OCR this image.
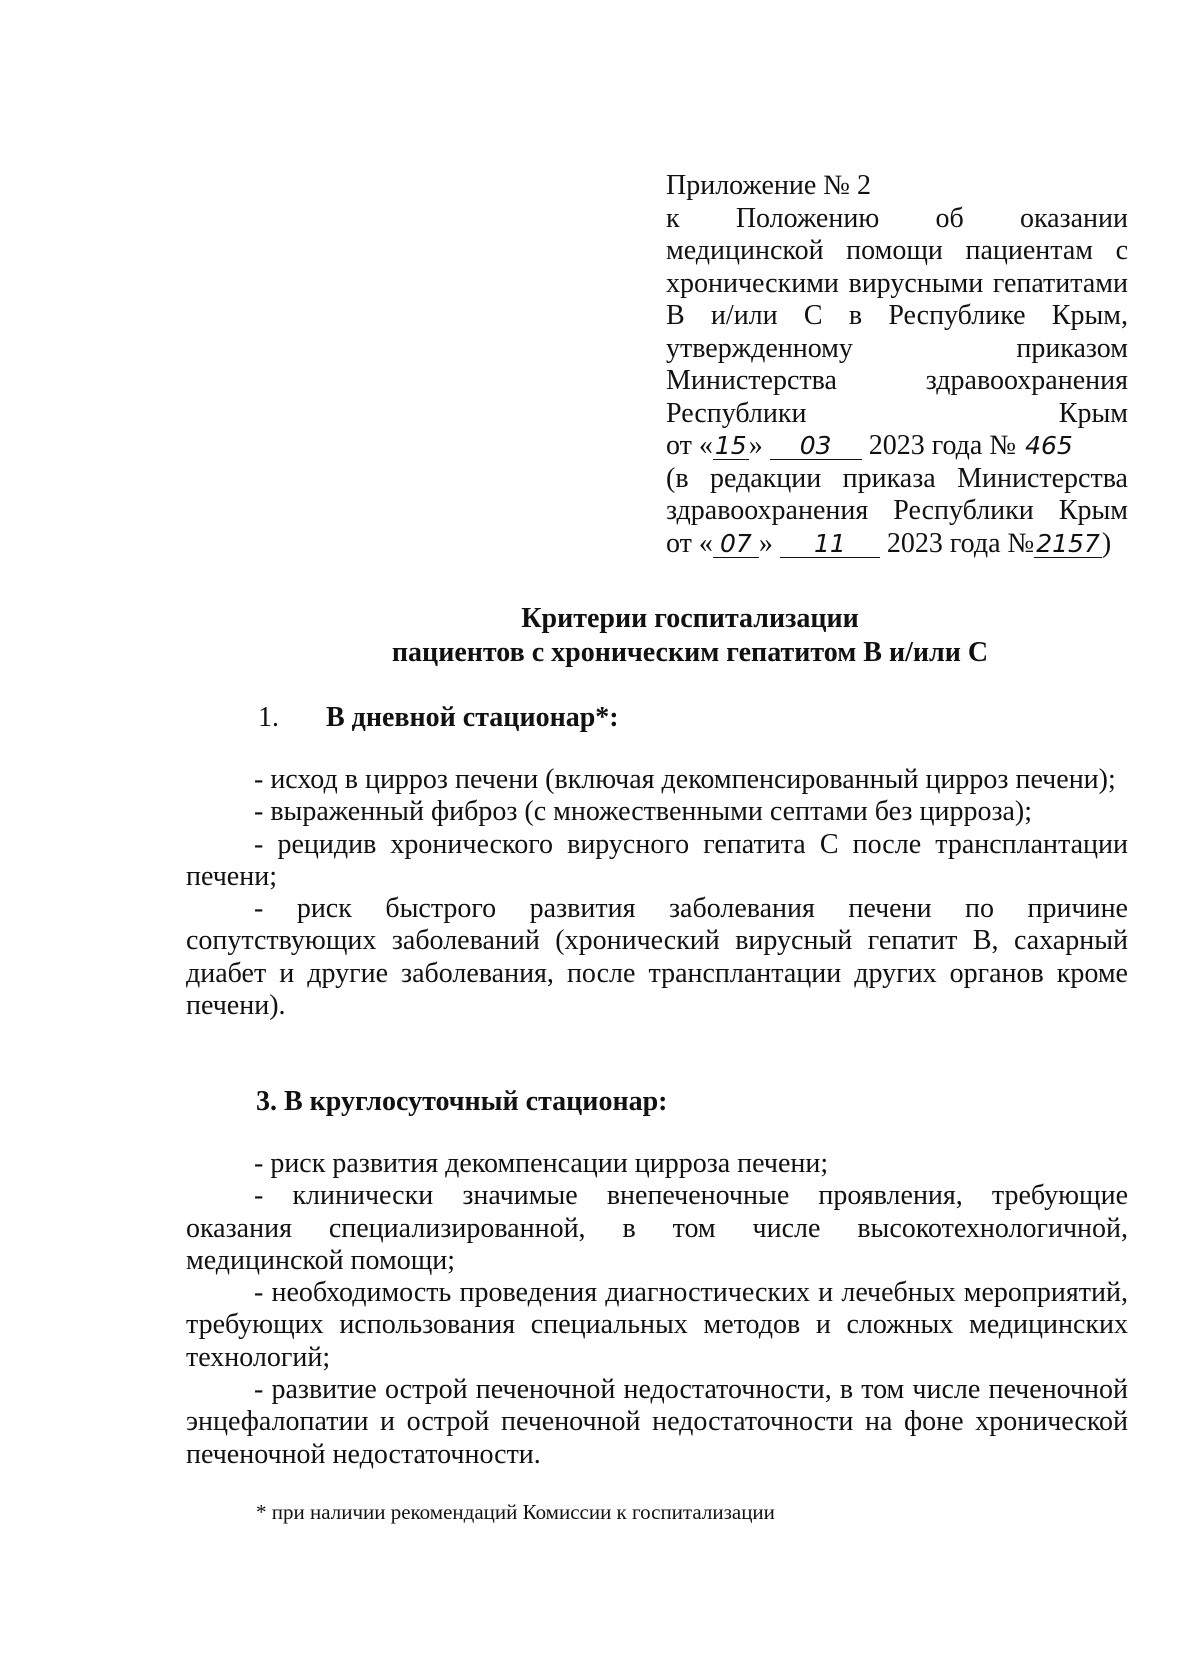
Приложение № 2
к Положению об оказании медицинской помощи пациентам с хроническими вирусными гепатитами В и/или С в Республике Крым, утвержденному приказом Министерства здравоохранения Республики Крым
от «15» 03 2023 года № 465
(в редакции приказа Министерства здравоохранения Республики Крым
от « 07 » 11 2023 года №2157)
Критерии госпитализации
пациентов с хроническим гепатитом В и/или С
1. В дневной стационар*:

- исход в цирроз печени (включая декомпенсированный цирроз печени);

- выраженный фиброз (с множественными септами без цирроза);

- рецидив хронического вирусного гепатита С после трансплантации печени;

- риск быстрого развития заболевания печени по причине сопутствующих заболеваний (хронический вирусный гепатит В, сахарный диабет и другие заболевания, после трансплантации других органов кроме печени).

3. В круглосуточный стационар:

- риск развития декомпенсации цирроза печени;

- клинически значимые внепеченочные проявления, требующие оказания специализированной, в том числе высокотехнологичной, медицинской помощи;

- необходимость проведения диагностических и лечебных мероприятий, требующих использования специальных методов и сложных медицинских технологий;

- развитие острой печеночной недостаточности, в том числе печеночной энцефалопатии и острой печеночной недостаточности на фоне хронической печеночной недостаточности.

* при наличии рекомендаций Комиссии к госпитализации
